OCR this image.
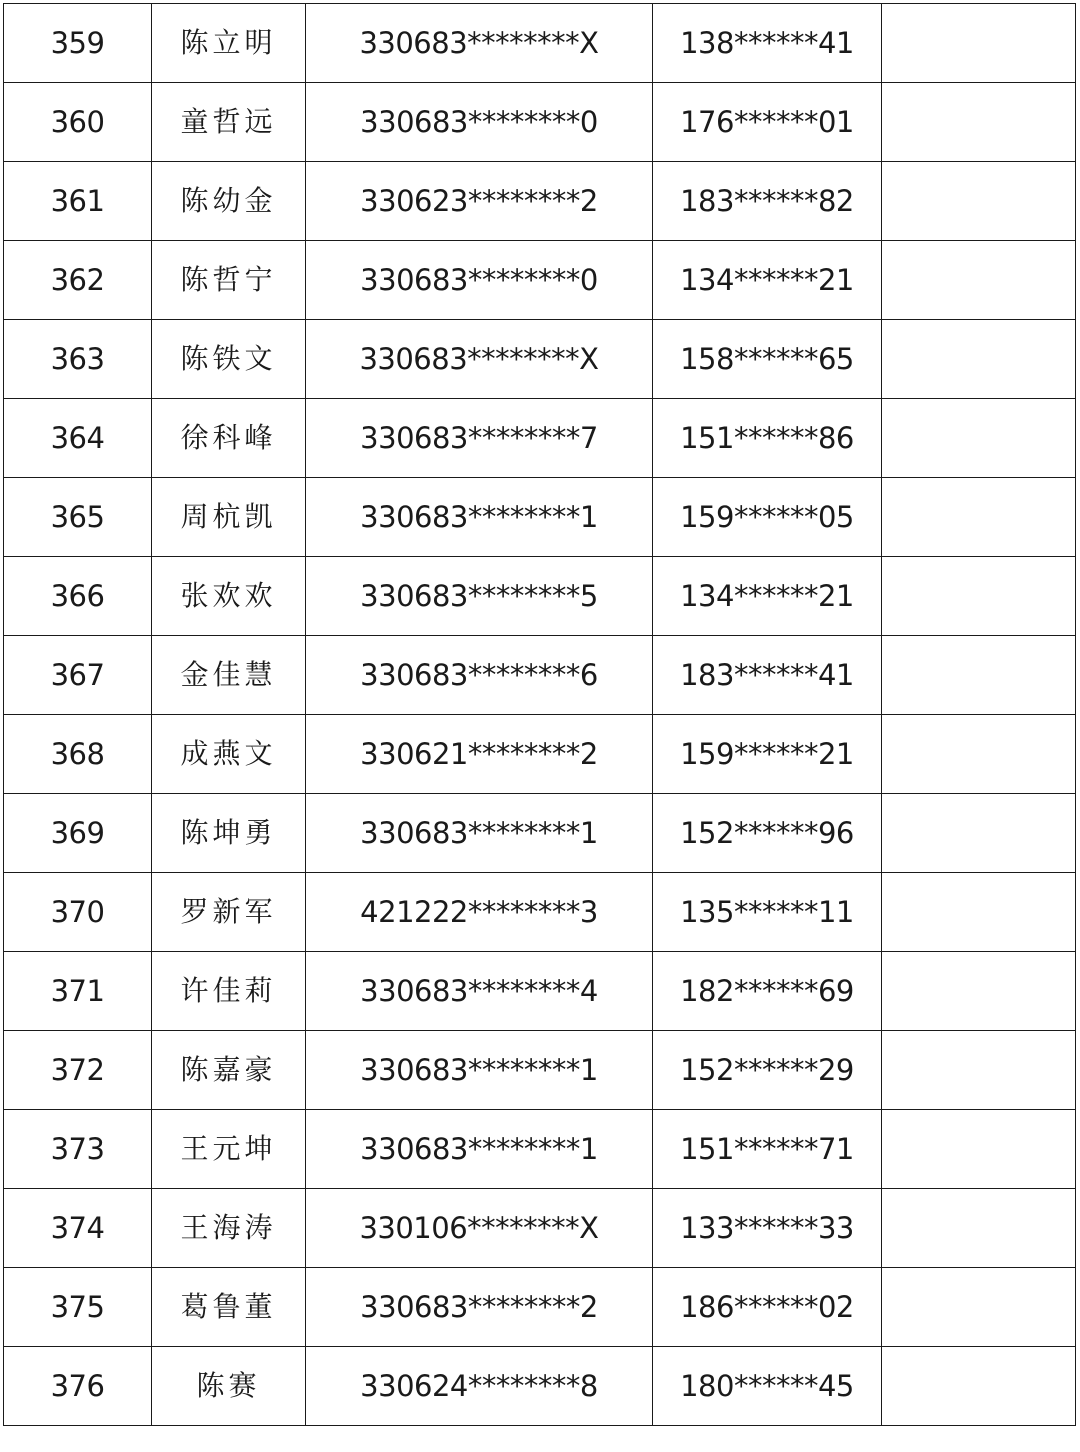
359	陈立明	330683********X	138******41	
360	童哲远	330683********0	176******01	
361	陈幼金	330623********2	183******82	
362	陈哲宁	330683********0	134******21	
363	陈铁文	330683********X	158******65	
364	徐科峰	330683********7	151******86	
365	周杭凯	330683********1	159******05	
366	张欢欢	330683********5	134******21	
367	金佳慧	330683********6	183******41	
368	成燕文	330621********2	159******21	
369	陈坤勇	330683********1	152******96	
370	罗新军	421222********3	135******11	
371	许佳莉	330683********4	182******69	
372	陈嘉豪	330683********1	152******29	
373	王元坤	330683********1	151******71	
374	王海涛	330106********X	133******33	
375	葛鲁董	330683********2	186******02	
376	陈赛	330624********8	180******45	
